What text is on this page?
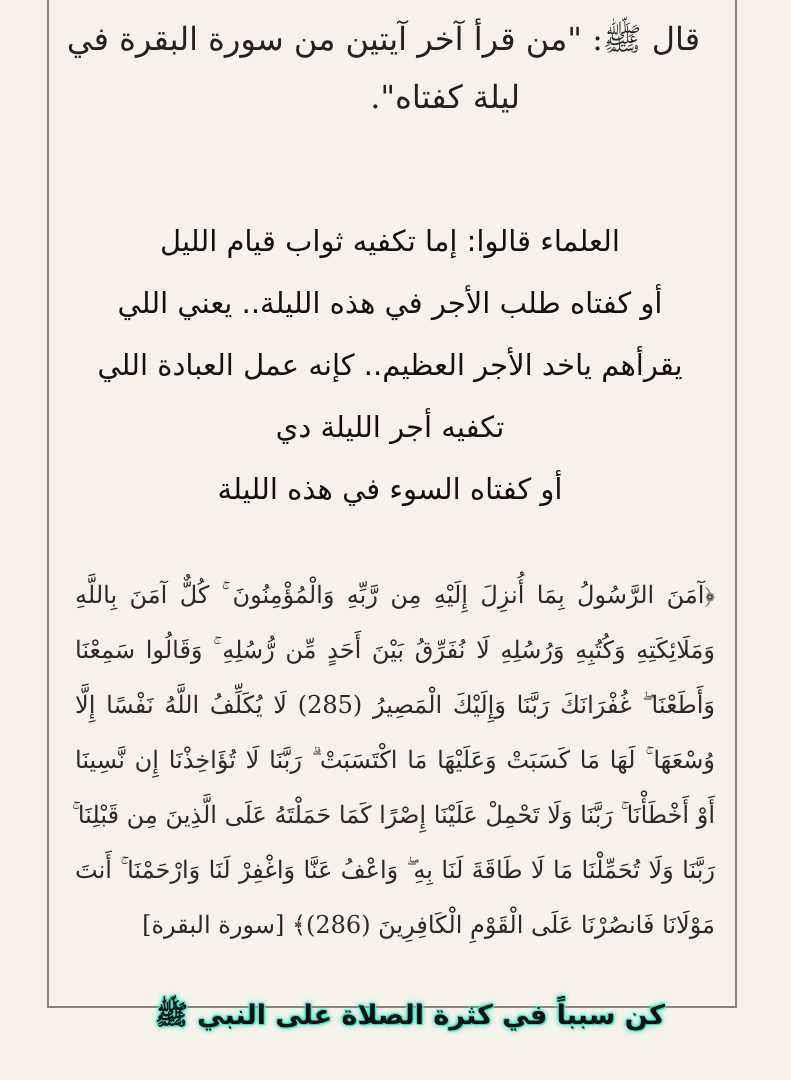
قال ﷺ: "من قرأ آخر آيتين من سورة البقرة في
ليلة كفتاه".
العلماء قالوا: إما تكفيه ثواب قيام الليل
أو كفتاه طلب الأجر في هذه الليلة.. يعني اللي
يقرأهم ياخد الأجر العظيم.. كإنه عمل العبادة اللي
تكفيه أجر الليلة دي
أو كفتاه السوء في هذه الليلة
﴿آمَنَ الرَّسُولُ بِمَا أُنزِلَ إِلَيْهِ مِن رَّبِّهِ وَالْمُؤْمِنُونَ ۚ كُلٌّ آمَنَ بِاللَّهِ
وَمَلَائِكَتِهِ وَكُتُبِهِ وَرُسُلِهِ لَا نُفَرِّقُ بَيْنَ أَحَدٍ مِّن رُّسُلِهِ ۚ وَقَالُوا سَمِعْنَا
وَأَطَعْنَا ۖ غُفْرَانَكَ رَبَّنَا وَإِلَيْكَ الْمَصِيرُ (285) لَا يُكَلِّفُ اللَّهُ نَفْسًا إِلَّا
وُسْعَهَا ۚ لَهَا مَا كَسَبَتْ وَعَلَيْهَا مَا اكْتَسَبَتْ ۗ رَبَّنَا لَا تُؤَاخِذْنَا إِن نَّسِينَا
أَوْ أَخْطَأْنَا ۚ رَبَّنَا وَلَا تَحْمِلْ عَلَيْنَا إِصْرًا كَمَا حَمَلْتَهُ عَلَى الَّذِينَ مِن قَبْلِنَا ۚ
رَبَّنَا وَلَا تُحَمِّلْنَا مَا لَا طَاقَةَ لَنَا بِهِ ۖ وَاعْفُ عَنَّا وَاغْفِرْ لَنَا وَارْحَمْنَا ۚ أَنتَ
مَوْلَانَا فَانصُرْنَا عَلَى الْقَوْمِ الْكَافِرِينَ (286)﴾ [سورة البقرة]
كن سبباً في كثرة الصلاة على النبي ﷺ
